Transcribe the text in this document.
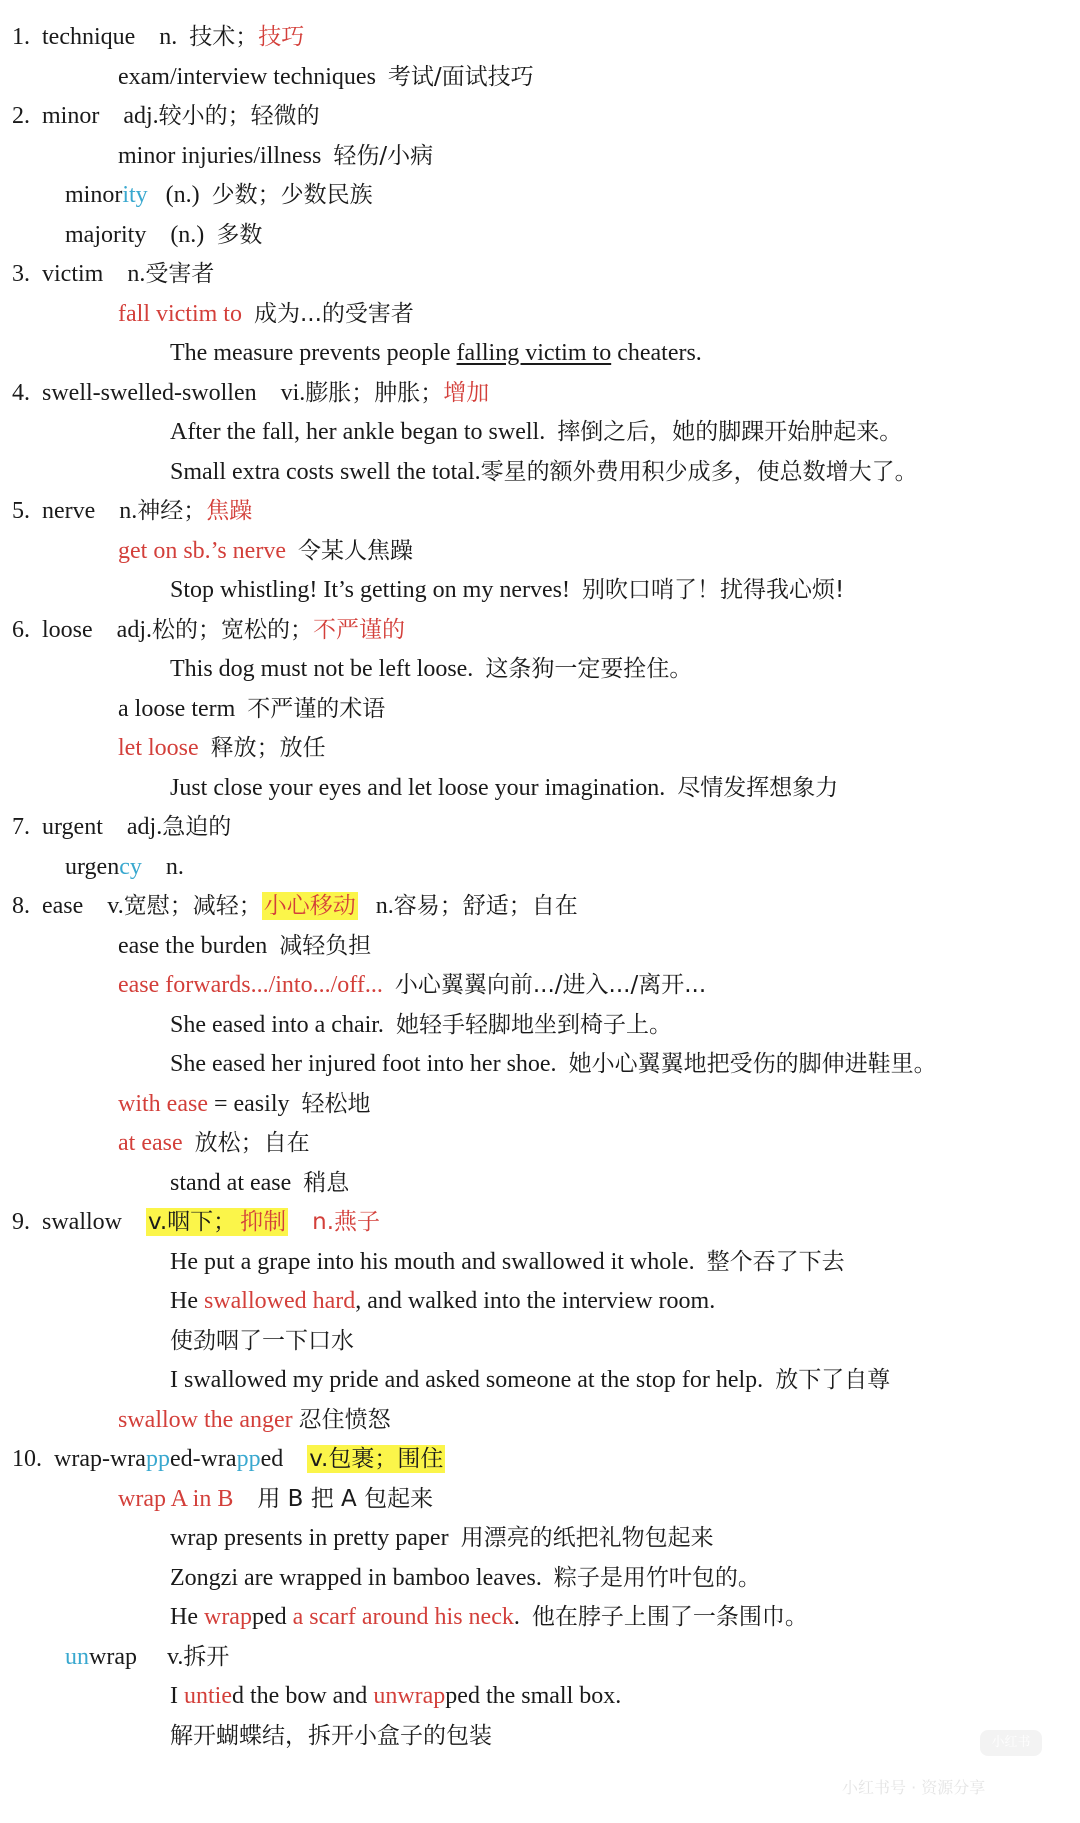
1.  technique    n.  技术；技巧
exam/interview techniques  考试/面试技巧
2.  minor    adj.较小的；轻微的
minor injuries/illness  轻伤/小病
minority   (n.)  少数；少数民族
majority    (n.)  多数
3.  victim    n.受害者
fall victim to 成为...的受害者
The measure prevents people falling victim to cheaters.
4.  swell-swelled-swollen    vi.膨胀；肿胀；增加
After the fall, her ankle began to swell.  摔倒之后，她的脚踝开始肿起来。
Small extra costs swell the total.零星的额外费用积少成多，使总数增大了。
5.  nerve    n.神经；焦躁
get on sb.’s nerve 令某人焦躁
Stop whistling! It’s getting on my nerves!  别吹口哨了！扰得我心烦!
6.  loose    adj.松的；宽松的；不严谨的
This dog must not be left loose.  这条狗一定要拴住。
a loose term  不严谨的术语
let loose 释放；放任
Just close your eyes and let loose your imagination.  尽情发挥想象力
7.  urgent    adj.急迫的
urgency    n.
8.  ease    v.宽慰；减轻；小心移动   n.容易；舒适；自在
ease the burden  减轻负担
ease forwards.../into.../off... 小心翼翼向前.../进入.../离开...
She eased into a chair.  她轻手轻脚地坐到椅子上。
She eased her injured foot into her shoe.  她小心翼翼地把受伤的脚伸进鞋里。
with ease = easily  轻松地
at ease 放松；自在
stand at ease  稍息
9.  swallow    v.咽下； 抑制 n.燕子
He put a grape into his mouth and swallowed it whole.  整个吞了下去
He swallowed hard, and walked into the interview room.
使劲咽了一下口水
I swallowed my pride and asked someone at the stop for help.  放下了自尊
swallow the anger 忍住愤怒
10.  wrap-wrapped-wrapped    v.包裹；围住
wrap A in B 用 B 把 A 包起来
wrap presents in pretty paper  用漂亮的纸把礼物包起来
Zongzi are wrapped in bamboo leaves.  粽子是用竹叶包的。
He wrapped a scarf around his neck.  他在脖子上围了一条围巾。
unwrap     v.拆开
I untied the bow and unwrapped the small box.
解开蝴蝶结，拆开小盒子的包装	小红书
小红书号 · 资源分享
